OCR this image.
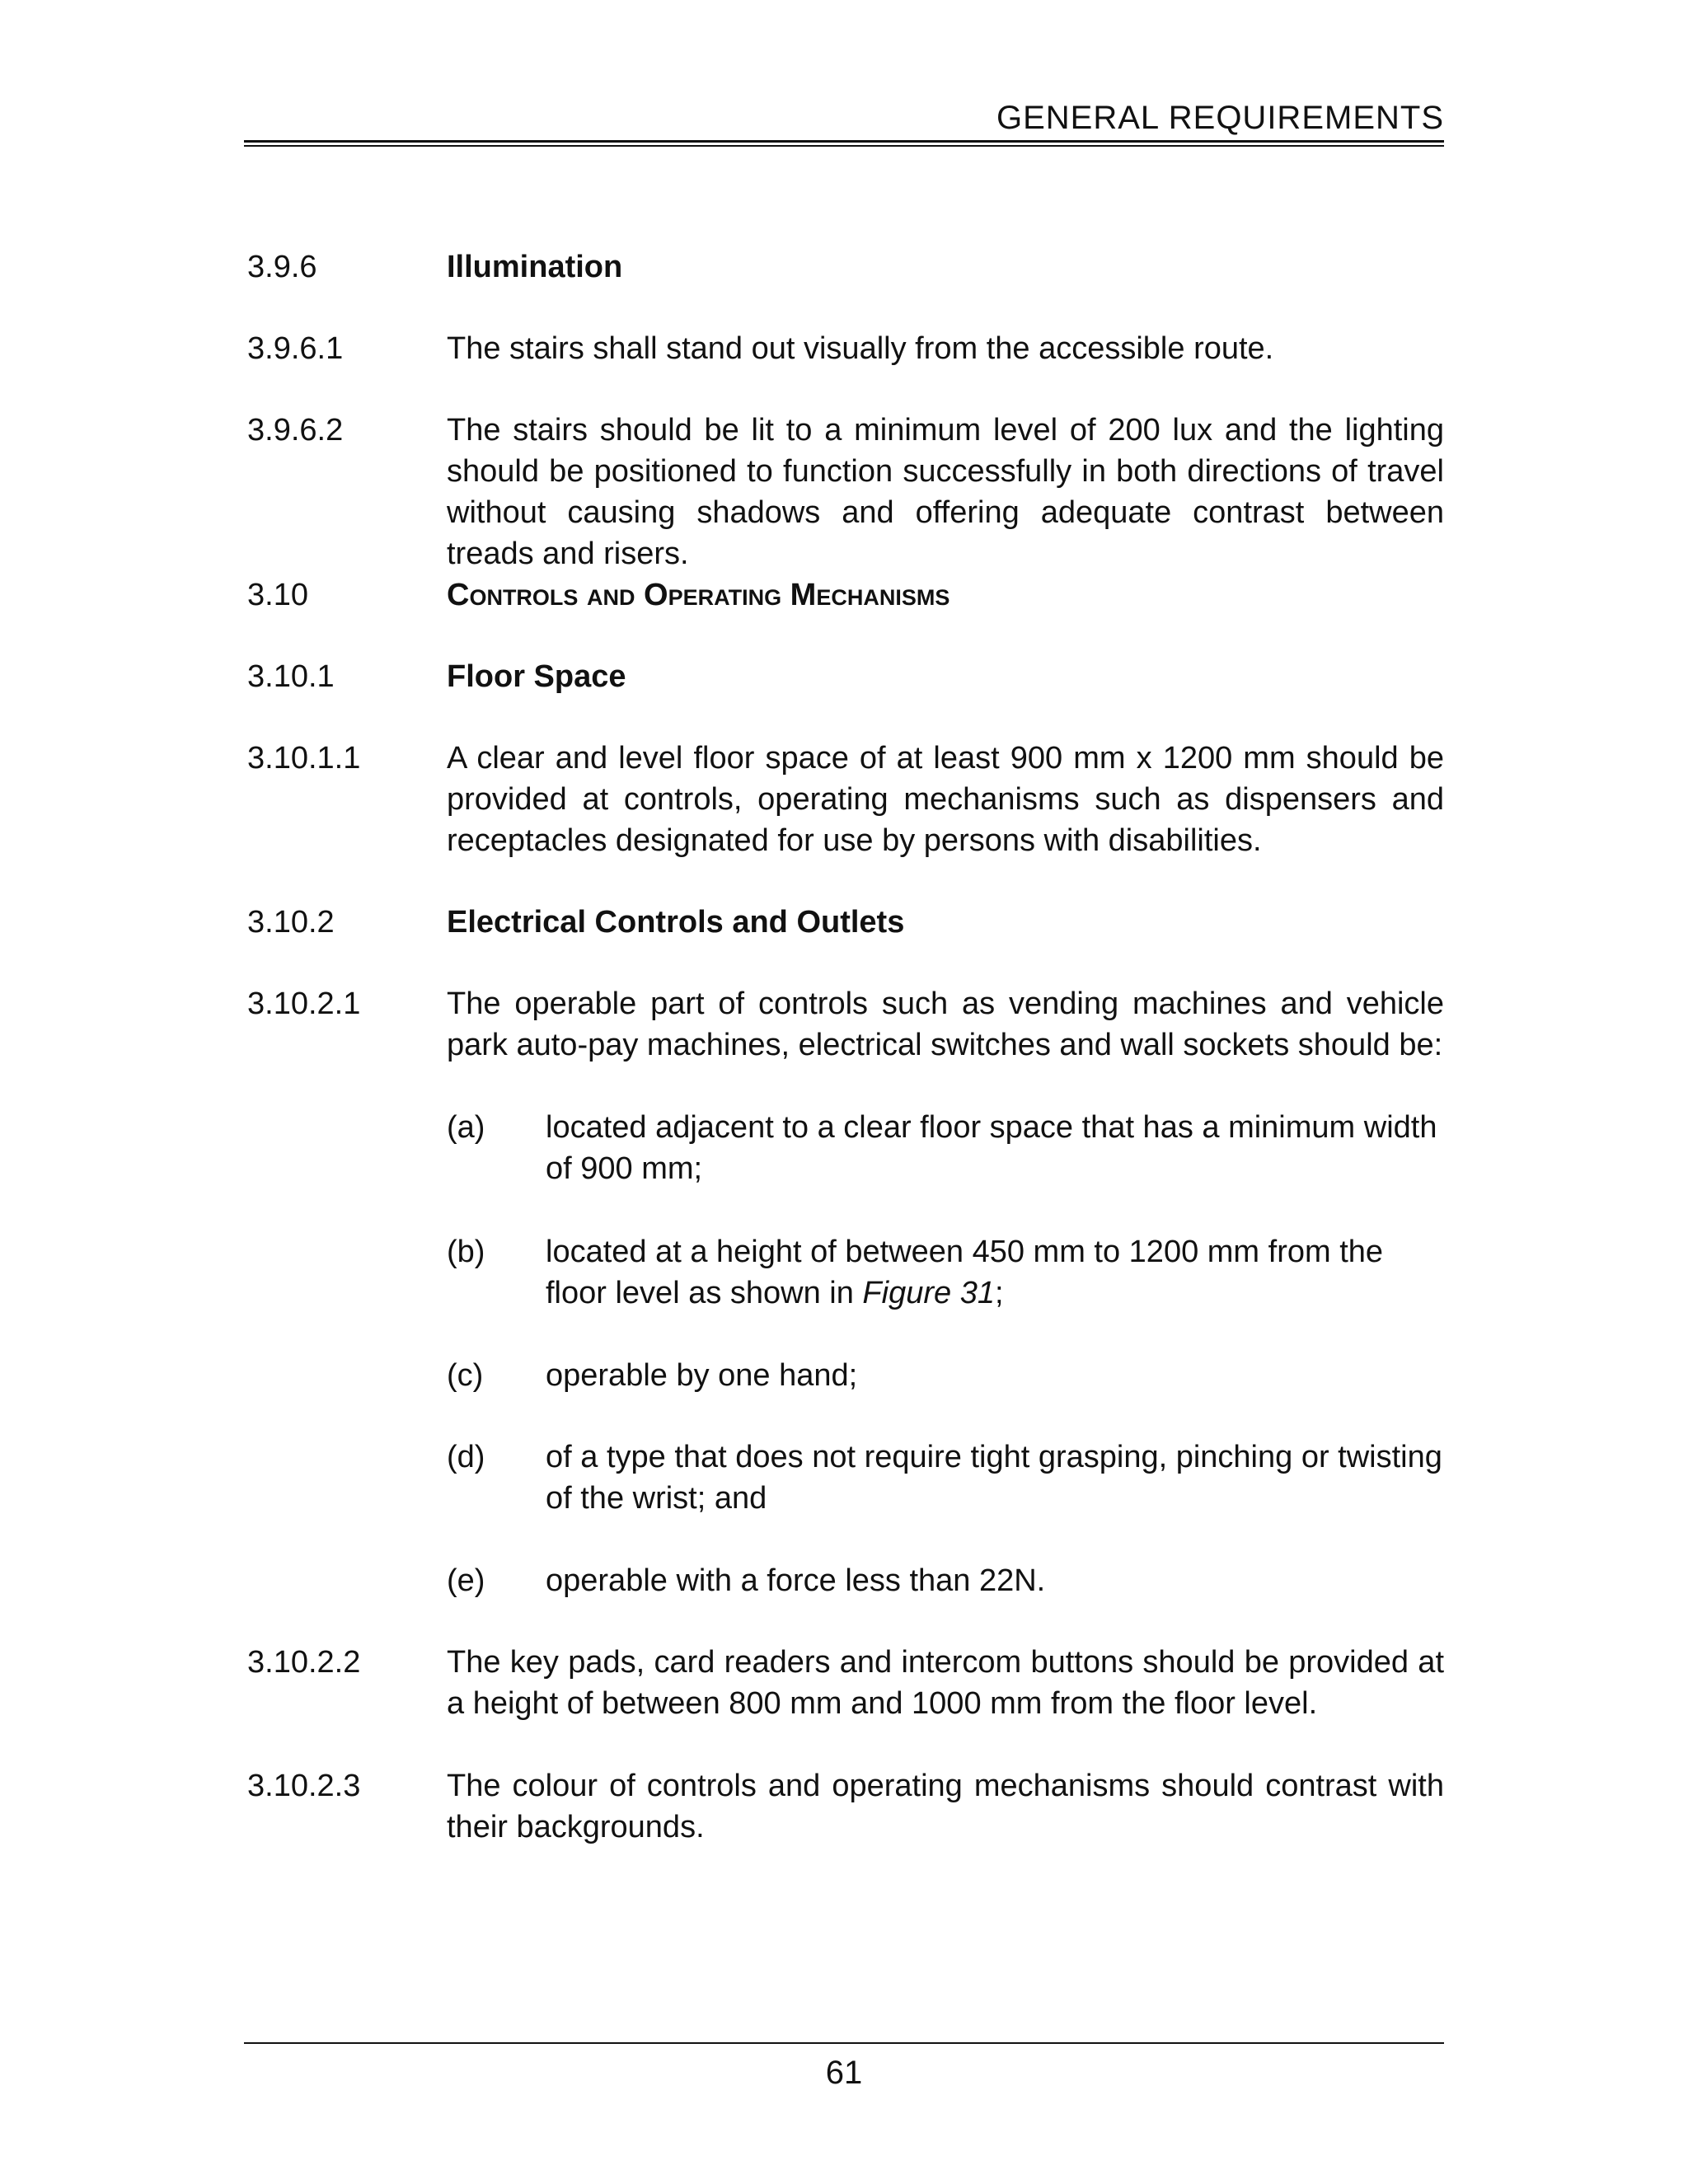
GENERAL REQUIREMENTS
3.9.6	Illumination
3.9.6.1	The stairs shall stand out visually from the accessible route.
3.9.6.2	The stairs should be lit to a minimum level of 200 lux and the lighting should be positioned to function successfully in both directions of travel without causing shadows and offering adequate contrast between treads and risers.
3.10	Controls and Operating Mechanisms
3.10.1	Floor Space
3.10.1.1	A clear and level floor space of at least 900 mm x 1200 mm should be provided at controls, operating mechanisms such as dispensers and receptacles designated for use by persons with disabilities.
3.10.2	Electrical Controls and Outlets
3.10.2.1	The operable part of controls such as vending machines and vehicle park auto-pay machines, electrical switches and wall sockets should be:
(a) located adjacent to a clear floor space that has a minimum width of 900 mm;
(b) located at a height of between 450 mm to 1200 mm from the floor level as shown in Figure 31;
(c) operable by one hand;
(d) of a type that does not require tight grasping, pinching or twisting of the wrist; and
(e) operable with a force less than 22N.
3.10.2.2	The key pads, card readers and intercom buttons should be provided at a height of between 800 mm and 1000 mm from the floor level.
3.10.2.3	The colour of controls and operating mechanisms should contrast with their backgrounds.
61
